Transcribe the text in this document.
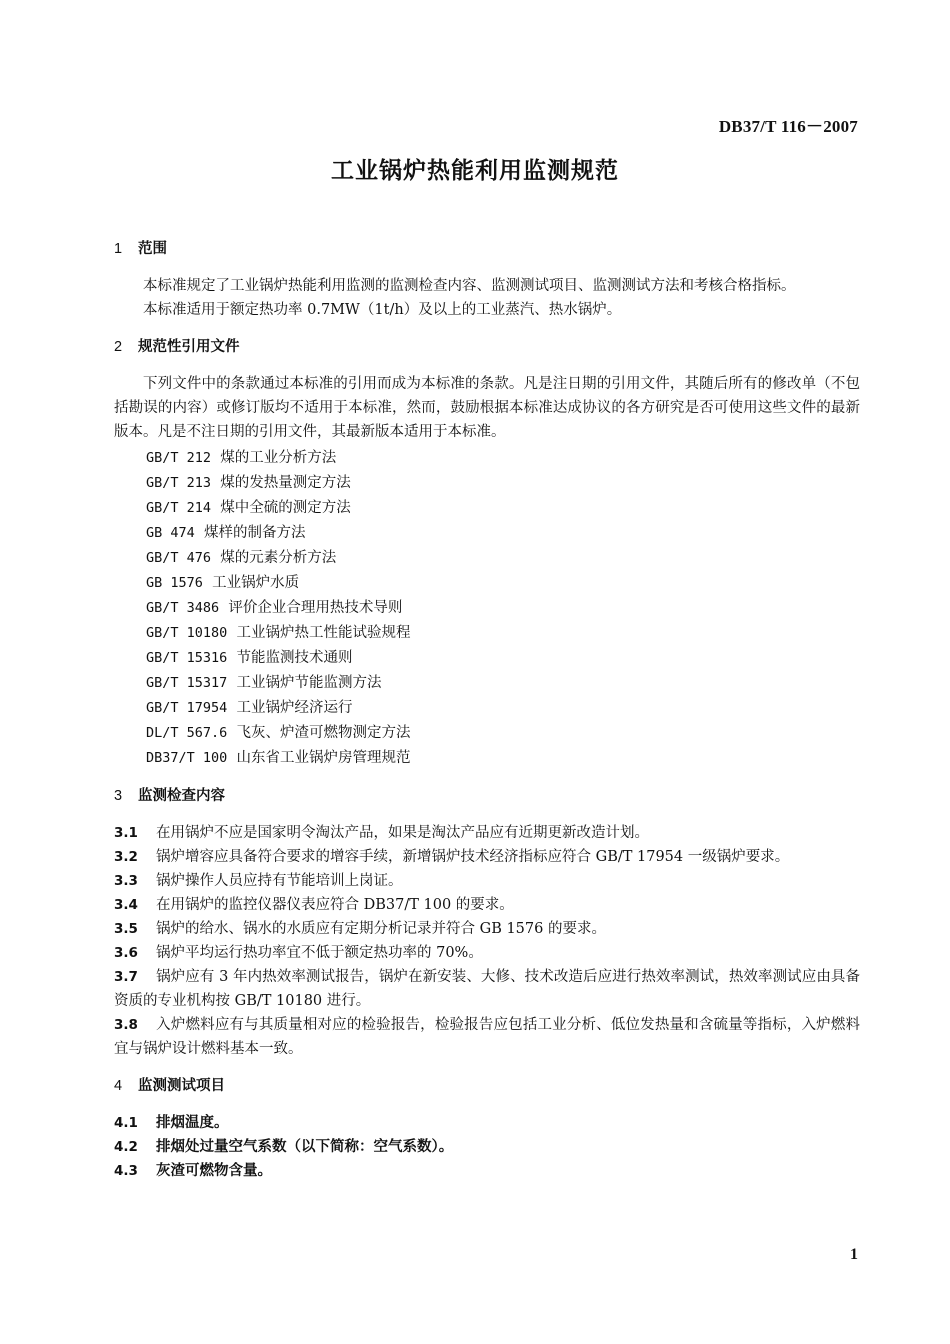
DB37/T 116－2007
工业锅炉热能利用监测规范
1 范围
本标准规定了工业锅炉热能利用监测的监测检查内容、监测测试项目、监测测试方法和考核合格指标。
本标准适用于额定热功率 0.7MW（1t/h）及以上的工业蒸汽、热水锅炉。
2 规范性引用文件
下列文件中的条款通过本标准的引用而成为本标准的条款。凡是注日期的引用文件，其随后所有的修改单（不包括勘误的内容）或修订版均不适用于本标准，然而，鼓励根据本标准达成协议的各方研究是否可使用这些文件的最新版本。凡是不注日期的引用文件，其最新版本适用于本标准。
GB/T 212 煤的工业分析方法
GB/T 213 煤的发热量测定方法
GB/T 214 煤中全硫的测定方法
GB 474 煤样的制备方法
GB/T 476 煤的元素分析方法
GB 1576 工业锅炉水质
GB/T 3486 评价企业合理用热技术导则
GB/T 10180 工业锅炉热工性能试验规程
GB/T 15316 节能监测技术通则
GB/T 15317 工业锅炉节能监测方法
GB/T 17954 工业锅炉经济运行
DL/T 567.6 飞灰、炉渣可燃物测定方法
DB37/T 100 山东省工业锅炉房管理规范
3 监测检查内容
3.1 在用锅炉不应是国家明令淘汰产品，如果是淘汰产品应有近期更新改造计划。
3.2 锅炉增容应具备符合要求的增容手续，新增锅炉技术经济指标应符合 GB/T 17954 一级锅炉要求。
3.3 锅炉操作人员应持有节能培训上岗证。
3.4 在用锅炉的监控仪器仪表应符合 DB37/T 100 的要求。
3.5 锅炉的给水、锅水的水质应有定期分析记录并符合 GB 1576 的要求。
3.6 锅炉平均运行热功率宜不低于额定热功率的 70%。
3.7 锅炉应有 3 年内热效率测试报告，锅炉在新安装、大修、技术改造后应进行热效率测试，热效率测试应由具备资质的专业机构按 GB/T 10180 进行。
3.8 入炉燃料应有与其质量相对应的检验报告，检验报告应包括工业分析、低位发热量和含硫量等指标，入炉燃料宜与锅炉设计燃料基本一致。
4 监测测试项目
4.1 排烟温度。
4.2 排烟处过量空气系数（以下简称：空气系数）。
4.3 灰渣可燃物含量。
1
